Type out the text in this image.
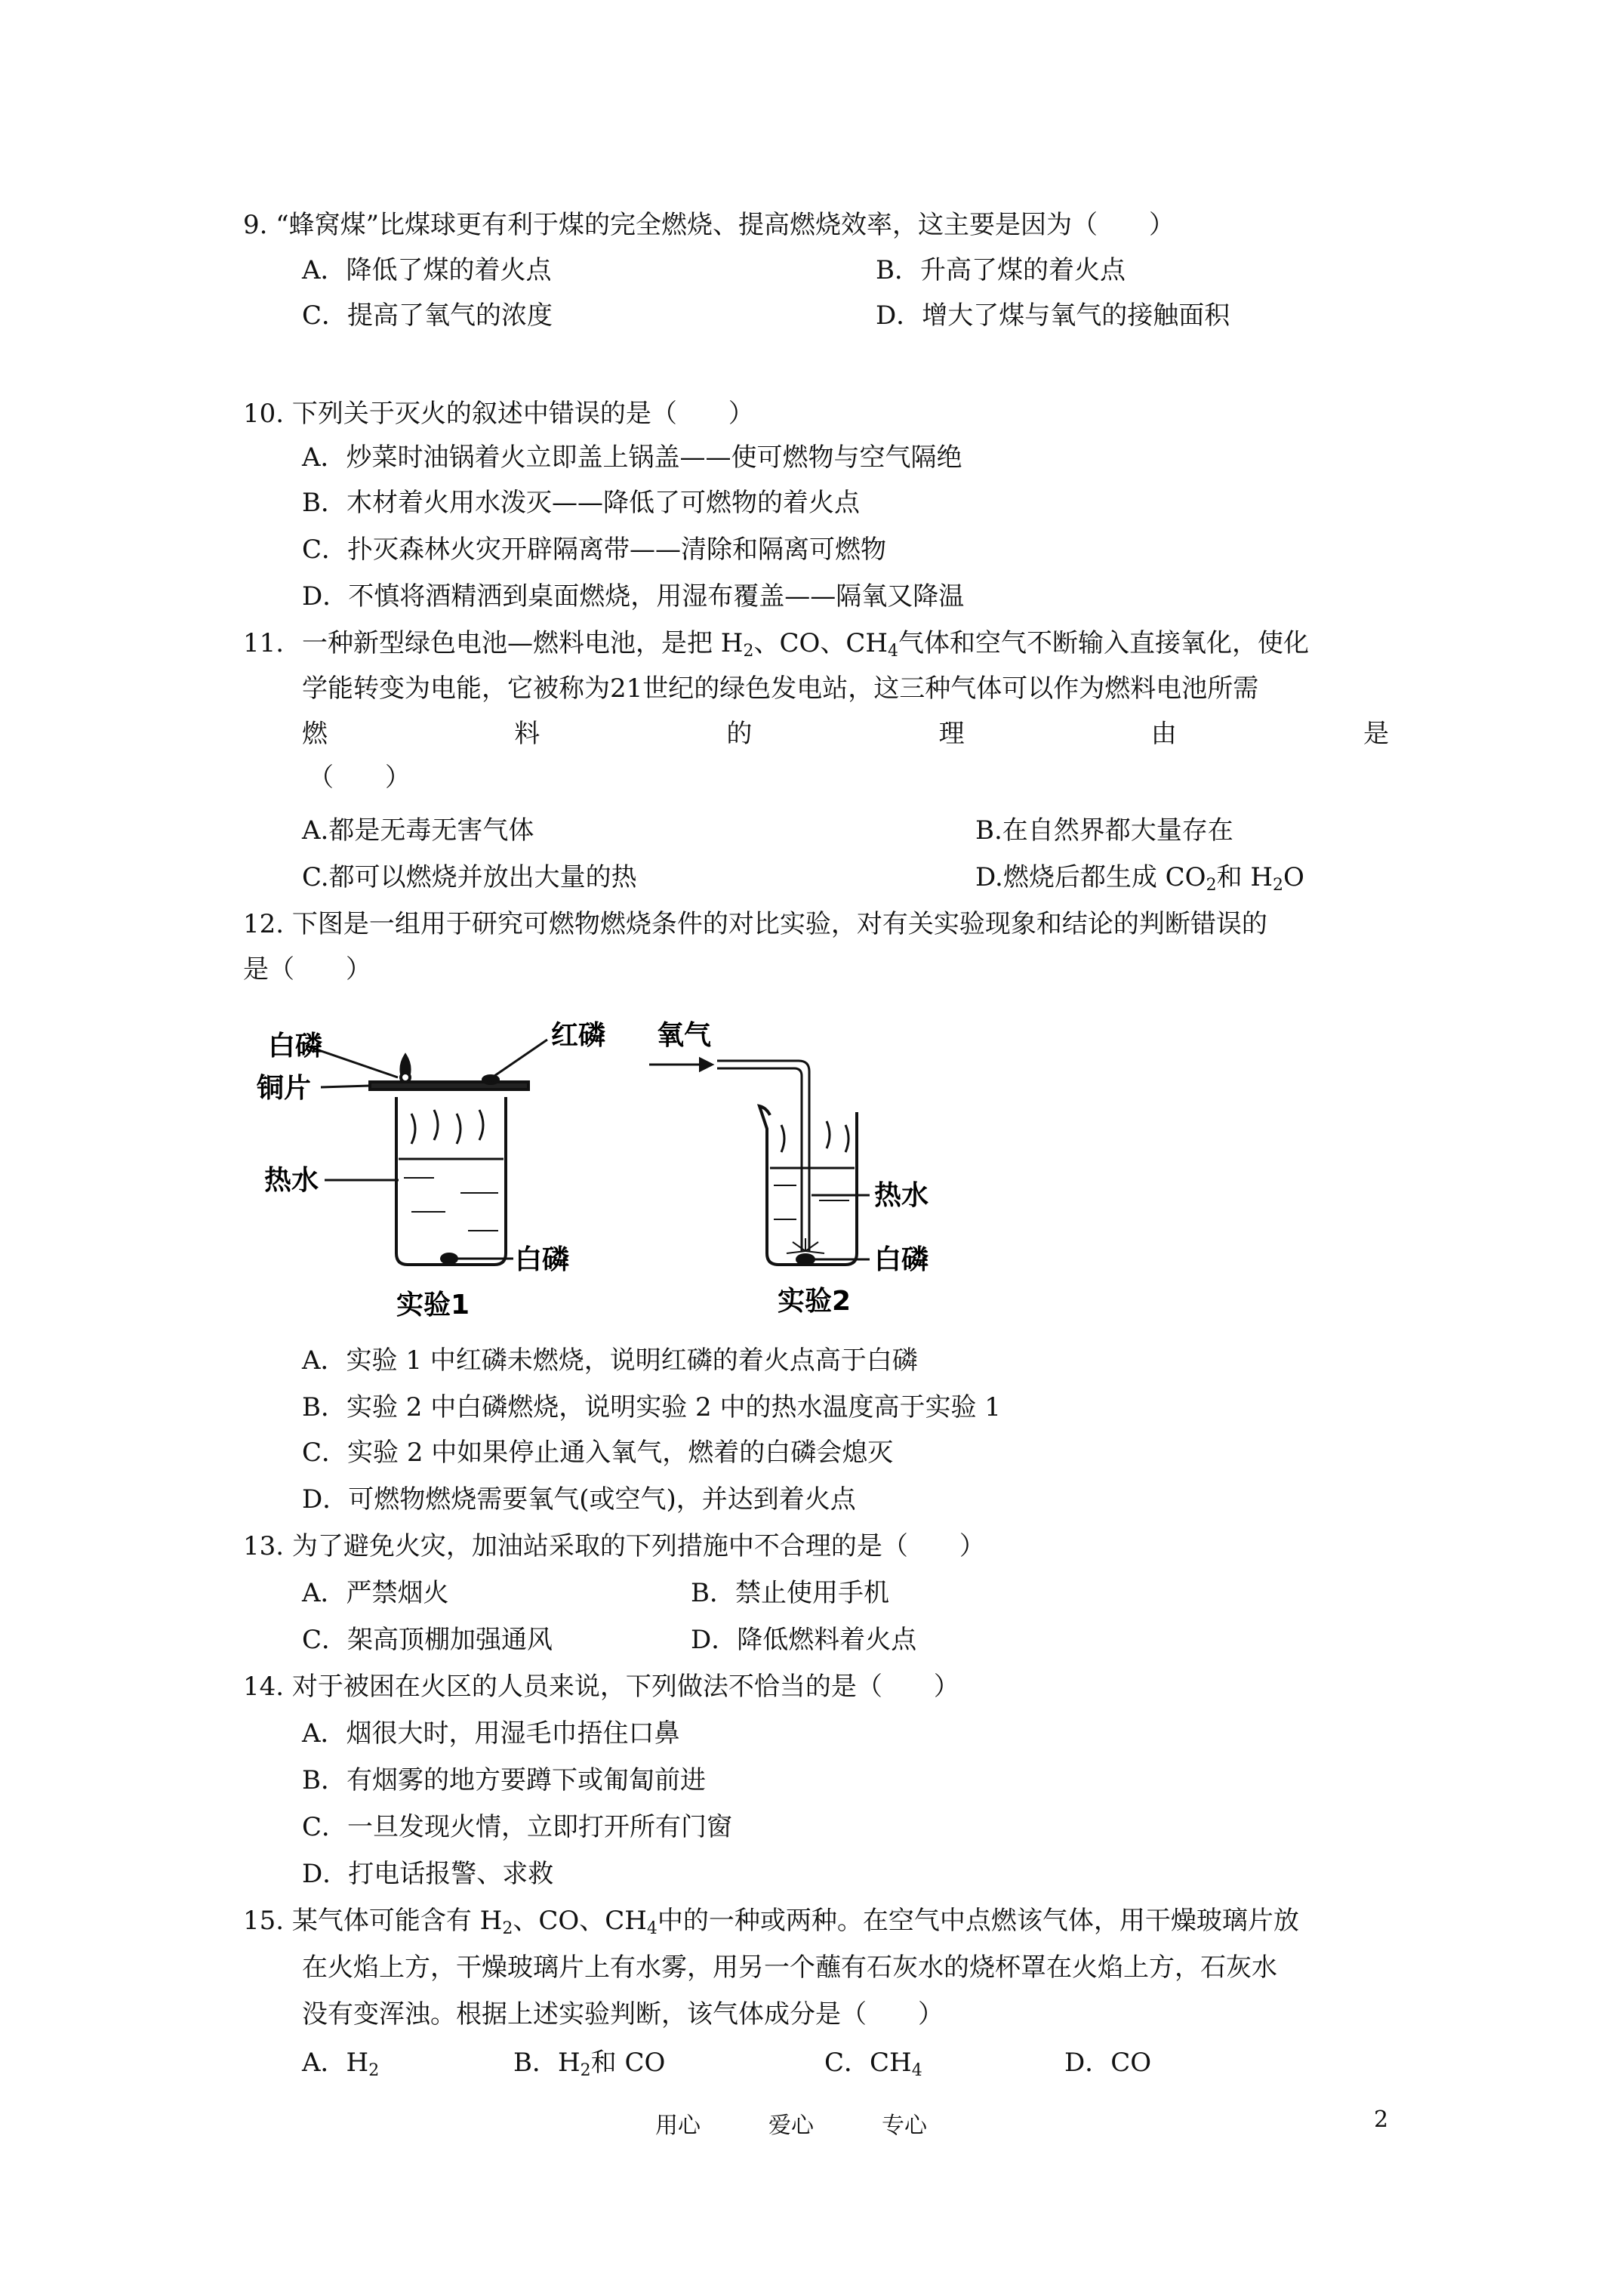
9. “蜂窝煤”比煤球更有利于煤的完全燃烧、提高燃烧效率，这主要是因为（　　）
A．降低了煤的着火点	B．升高了煤的着火点
C．提高了氧气的浓度	D．增大了煤与氧气的接触面积
10. 下列关于灭火的叙述中错误的是（　　）
A．炒菜时油锅着火立即盖上锅盖——使可燃物与空气隔绝
B．木材着火用水泼灭——降低了可燃物的着火点
C．扑灭森林火灾开辟隔离带——清除和隔离可燃物
D．不慎将酒精洒到桌面燃烧，用湿布覆盖——隔氧又降温
11. 一种新型绿色电池—燃料电池，是把 $H_2$、CO、$CH_4$气体和空气不断输入直接氧化，使化
学能转变为电能，它被称为21世纪的绿色发电站，这三种气体可以作为燃料电池所需
燃	料	的	理	由	是
（　　）
A.都是无毒无害气体	B.在自然界都大量存在
C.都可以燃烧并放出大量的热	D.燃烧后都生成 $CO_2$和 $H_2O$
12. 下图是一组用于研究可燃物燃烧条件的对比实验，对有关实验现象和结论的判断错误的
是（　　）
白磷	红磷
铜片
热水
白磷
实验1
氧气
热水
白磷
实验2
A．实验 1 中红磷未燃烧，说明红磷的着火点高于白磷
B．实验 2 中白磷燃烧，说明实验 2 中的热水温度高于实验 1
C．实验 2 中如果停止通入氧气，燃着的白磷会熄灭
D．可燃物燃烧需要氧气(或空气)，并达到着火点
13. 为了避免火灾，加油站采取的下列措施中不合理的是（　　）
A．严禁烟火	B．禁止使用手机
C．架高顶棚加强通风	D．降低燃料着火点
14. 对于被困在火区的人员来说，下列做法不恰当的是（　　）
A．烟很大时，用湿毛巾捂住口鼻
B．有烟雾的地方要蹲下或匍匐前进
C．一旦发现火情，立即打开所有门窗
D．打电话报警、求救
15. 某气体可能含有 $H_2$、CO、$CH_4$中的一种或两种。在空气中点燃该气体，用干燥玻璃片放
在火焰上方，干燥玻璃片上有水雾，用另一个蘸有石灰水的烧杯罩在火焰上方，石灰水
没有变浑浊。根据上述实验判断，该气体成分是（　　）
A．$H_2$	B．$H_2$和 CO	C．$CH_4$	D．CO
用心	爱心	专心	2
